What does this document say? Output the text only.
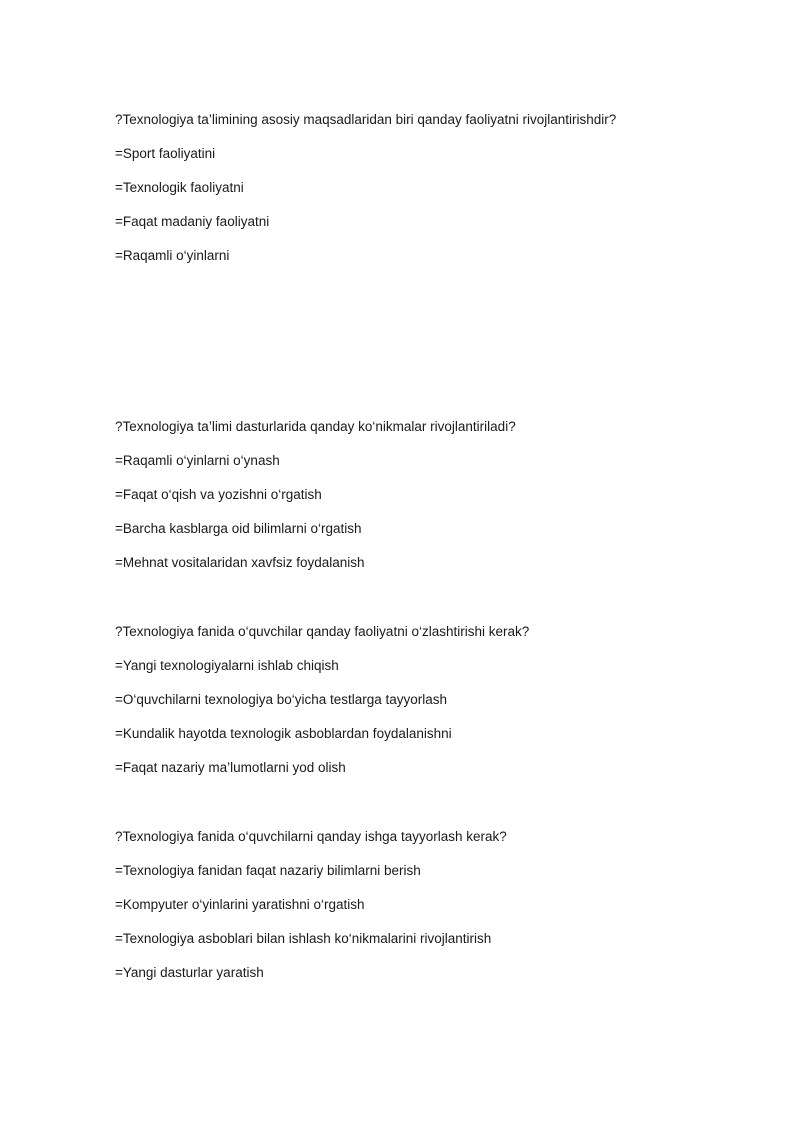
?Texnologiya ta’limining asosiy maqsadlaridan biri qanday faoliyatni rivojlantirishdir?
=Sport faoliyatini
=Texnologik faoliyatni
=Faqat madaniy faoliyatni
=Raqamli o‘yinlarni
?Texnologiya ta’limi dasturlarida qanday ko‘nikmalar rivojlantiriladi?
=Raqamli o‘yinlarni o‘ynash
=Faqat o‘qish va yozishni o‘rgatish
=Barcha kasblarga oid bilimlarni o‘rgatish
=Mehnat vositalaridan xavfsiz foydalanish
?Texnologiya fanida o‘quvchilar qanday faoliyatni o‘zlashtirishi kerak?
=Yangi texnologiyalarni ishlab chiqish
=O‘quvchilarni texnologiya bo‘yicha testlarga tayyorlash
=Kundalik hayotda texnologik asboblardan foydalanishni
=Faqat nazariy ma’lumotlarni yod olish
?Texnologiya fanida o‘quvchilarni qanday ishga tayyorlash kerak?
=Texnologiya fanidan faqat nazariy bilimlarni berish
=Kompyuter o‘yinlarini yaratishni o‘rgatish
=Texnologiya asboblari bilan ishlash ko‘nikmalarini rivojlantirish
=Yangi dasturlar yaratish
